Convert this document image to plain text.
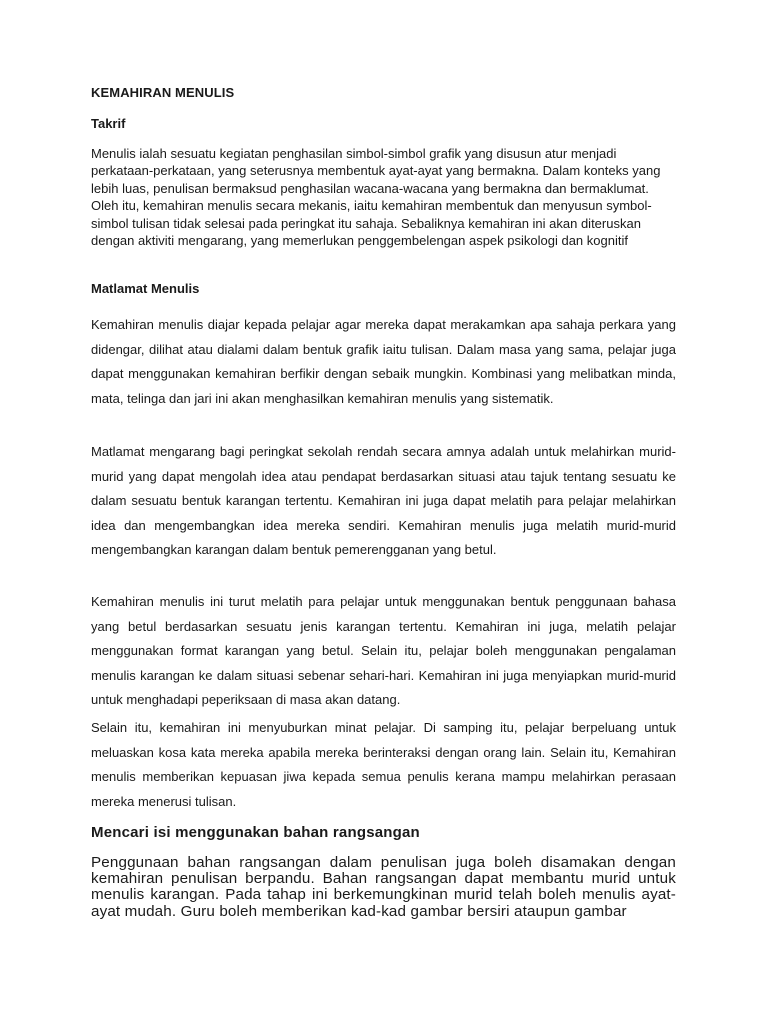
KEMAHIRAN MENULIS
Takrif

Menulis ialah sesuatu kegiatan penghasilan simbol-simbol grafik yang disusun atur menjadi perkataan-perkataan, yang seterusnya membentuk ayat-ayat yang bermakna. Dalam konteks yang lebih luas, penulisan bermaksud penghasilan wacana-wacana yang bermakna dan bermaklumat. Oleh itu, kemahiran menulis secara mekanis, iaitu kemahiran membentuk dan menyusun symbol-simbol tulisan tidak selesai pada peringkat itu sahaja. Sebaliknya kemahiran ini akan diteruskan dengan aktiviti mengarang, yang memerlukan penggembelengan aspek psikologi dan kognitif

Matlamat Menulis

Kemahiran menulis diajar kepada pelajar agar mereka dapat merakamkan apa sahaja perkara yang didengar, dilihat atau dialami dalam bentuk grafik iaitu tulisan. Dalam masa yang sama, pelajar juga dapat menggunakan kemahiran berfikir dengan sebaik mungkin. Kombinasi yang melibatkan minda, mata, telinga dan jari ini akan menghasilkan kemahiran menulis yang sistematik.

Matlamat mengarang bagi peringkat sekolah rendah secara amnya adalah untuk melahirkan murid-murid yang dapat mengolah idea atau pendapat berdasarkan situasi atau tajuk tentang sesuatu ke dalam sesuatu bentuk karangan tertentu. Kemahiran ini juga dapat melatih para pelajar melahirkan idea dan mengembangkan idea mereka sendiri. Kemahiran menulis juga melatih murid-murid mengembangkan karangan dalam bentuk pemerengganan yang betul.

Kemahiran menulis ini turut melatih para pelajar untuk menggunakan bentuk penggunaan bahasa yang betul berdasarkan sesuatu jenis karangan tertentu. Kemahiran ini juga, melatih pelajar menggunakan format karangan yang betul. Selain itu, pelajar boleh menggunakan pengalaman menulis karangan ke dalam situasi sebenar sehari-hari. Kemahiran ini juga menyiapkan murid-murid untuk menghadapi peperiksaan di masa akan datang.

Selain itu, kemahiran ini menyuburkan minat pelajar. Di samping itu, pelajar berpeluang untuk meluaskan kosa kata mereka apabila mereka berinteraksi dengan orang lain. Selain itu, Kemahiran menulis memberikan kepuasan jiwa kepada semua penulis kerana mampu melahirkan perasaan mereka menerusi tulisan.

Mencari isi menggunakan bahan rangsangan

Penggunaan bahan rangsangan dalam penulisan juga boleh disamakan dengan kemahiran penulisan berpandu. Bahan rangsangan dapat membantu murid untuk menulis karangan. Pada tahap ini berkemungkinan murid telah boleh menulis ayat-ayat mudah. Guru boleh memberikan kad-kad gambar bersiri ataupun gambar
